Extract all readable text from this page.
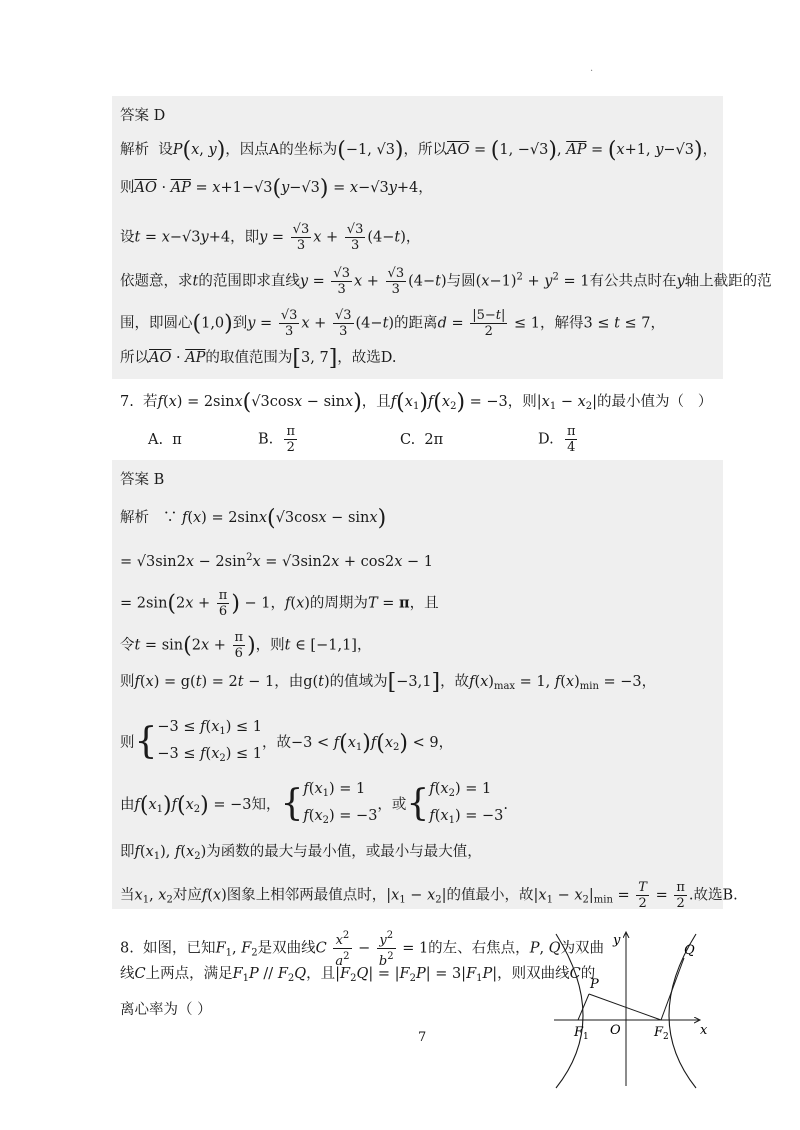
·
答案 D
解析  设P(x, y)，因点A的坐标为(−1, √3)，所以$\overline{AO} = (1$, −√3), $\overline{AP} = (x+1$, y−√3)，
则$\overline{AO} \cdot \overline{AP} = x+1-√3(y-√3) = x-√3y+4$，
设t = x−√3y+4，即$y = \frac{√3}{3}$ $x + \frac{√3}{3} (4-t)$，
依题意，求t的范围即求直线$y = \frac{√3}{3}$ $x + \frac{√3}{3} (4-t)$与圆$(x-1)^2 + y^2 = 1$有公共点时在y轴上截距的范
围，即圆心(1,0)到$y = \frac{√3}{3}$ $x + \frac{√3}{3} (4-t)$的距离$d = \frac{|5-t|}{2} \le 1$，解得3 ≤ t ≤ 7，
所以$\overline{AO} \cdot \overline{AP}$的取值范围为[3, 7]，故选D.
7.  若f(x) = 2sinx(√3cosx − sinx)，且$f(x_1)f(x_2) = -3$，则$|x_1 - x_2|$的最小值为（   ）
A.  π	B. $\frac{\pi}{2}$	C.  2π	D. $\frac{\pi}{4}$
答案 B
解析   ∵ f(x) = 2sinx(√3cosx − sinx)
= $√3\sin 2x - 2\sin^2x = √3\sin 2x + \cos 2x - 1$
= $2\sin(2x + \frac{\pi}{6}$ ) − 1，f(x)的周期为T = π，且
令$t = \sin(2x + \frac{\pi}{6}$ )，则t ∈ [−1,1]，
则f(x) = g(t) = 2t − 1，由g(t)的值域为[−3,1]，故$f(x)_{max} = 1$, $f(x)_{min} = -3$，
则{$-3 \le f(x_1) \le 1$
$-3 \le f(x_2) \le 1$，故$-3 < f(x_1)f(x_2) < 9$，
由$f(x_1)f(x_2) = -3$知，{$f(x_1) = 1$
$f(x_2) = -3$，或{$f(x_2) = 1$
$f(x_1) = -3$.
即$f(x_1)$, $f(x_2)$为函数的最大与最小值，或最小与最大值，
当$x_1$, $x_2$对应f(x)图象上相邻两最值点时，$|x_1 - x_2|$的值最小，故$|x_1 - x_2|_{min} = \frac{T}{2} = \frac{\pi}{2}$ .故选B.
8.  如图，已知$F_1$, $F_2$是双曲线C $\frac{x^2}{a^2} - \frac{y^2}{b^2} = 1$的左、右焦点，P, Q为双曲
线C上两点，满足$F_1P // F_2Q$，且$|F_2Q| = |F_2P| = 3|F_1P|$，则双曲线C的
离心率为（ ）
y
x
O
P
Q
$F_1$	$F_2$
7
